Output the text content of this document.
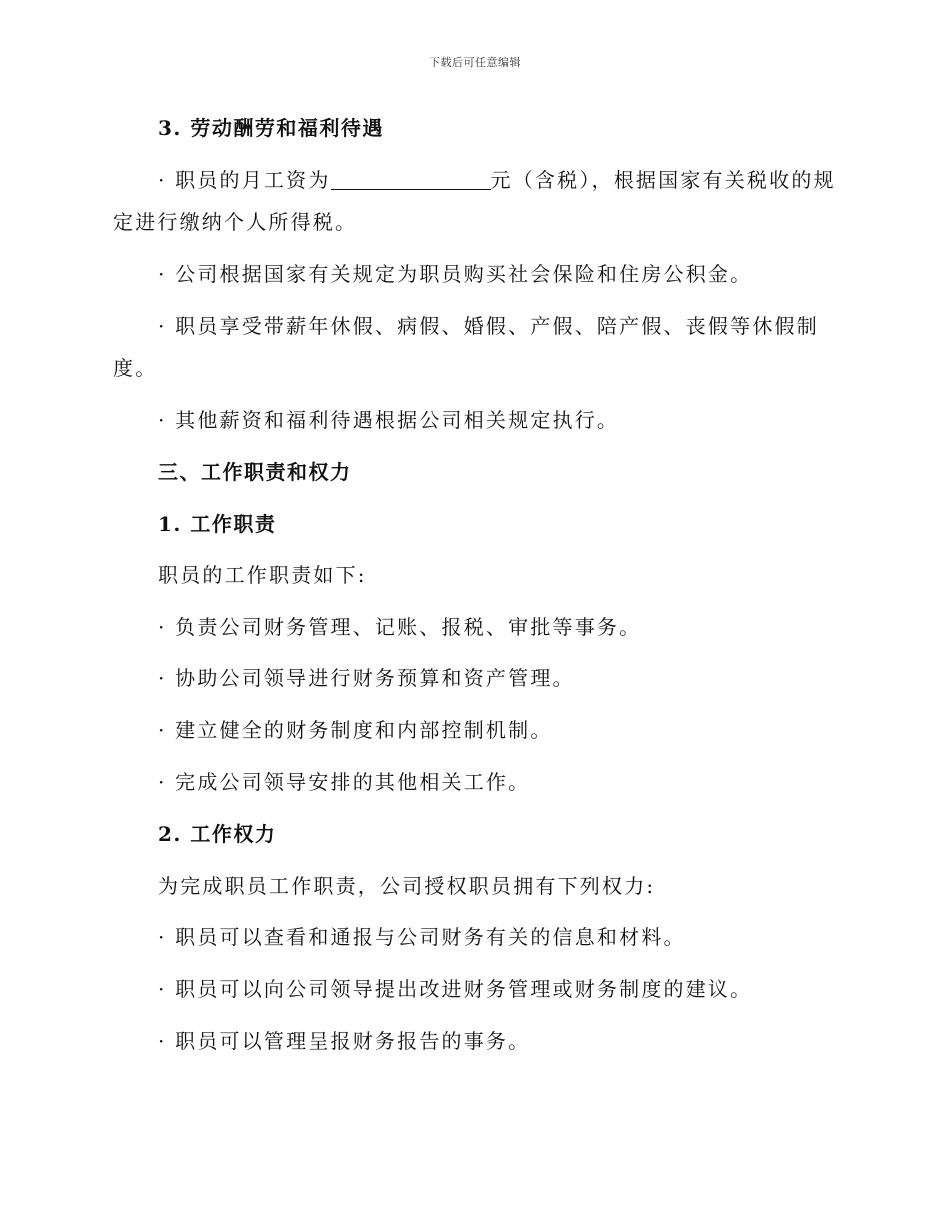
下载后可任意编辑
3. 劳动酬劳和福利待遇
· 职员的月工资为	元（含税），根据国家有关税收的规
定进行缴纳个人所得税。
· 公司根据国家有关规定为职员购买社会保险和住房公积金。
· 职员享受带薪年休假、病假、婚假、产假、陪产假、丧假等休假制
度。
· 其他薪资和福利待遇根据公司相关规定执行。
三、工作职责和权力
1. 工作职责
职员的工作职责如下:
· 负责公司财务管理、记账、报税、审批等事务。
· 协助公司领导进行财务预算和资产管理。
· 建立健全的财务制度和内部控制机制。
· 完成公司领导安排的其他相关工作。
2. 工作权力
为完成职员工作职责，公司授权职员拥有下列权力:
· 职员可以查看和通报与公司财务有关的信息和材料。
· 职员可以向公司领导提出改进财务管理或财务制度的建议。
· 职员可以管理呈报财务报告的事务。
